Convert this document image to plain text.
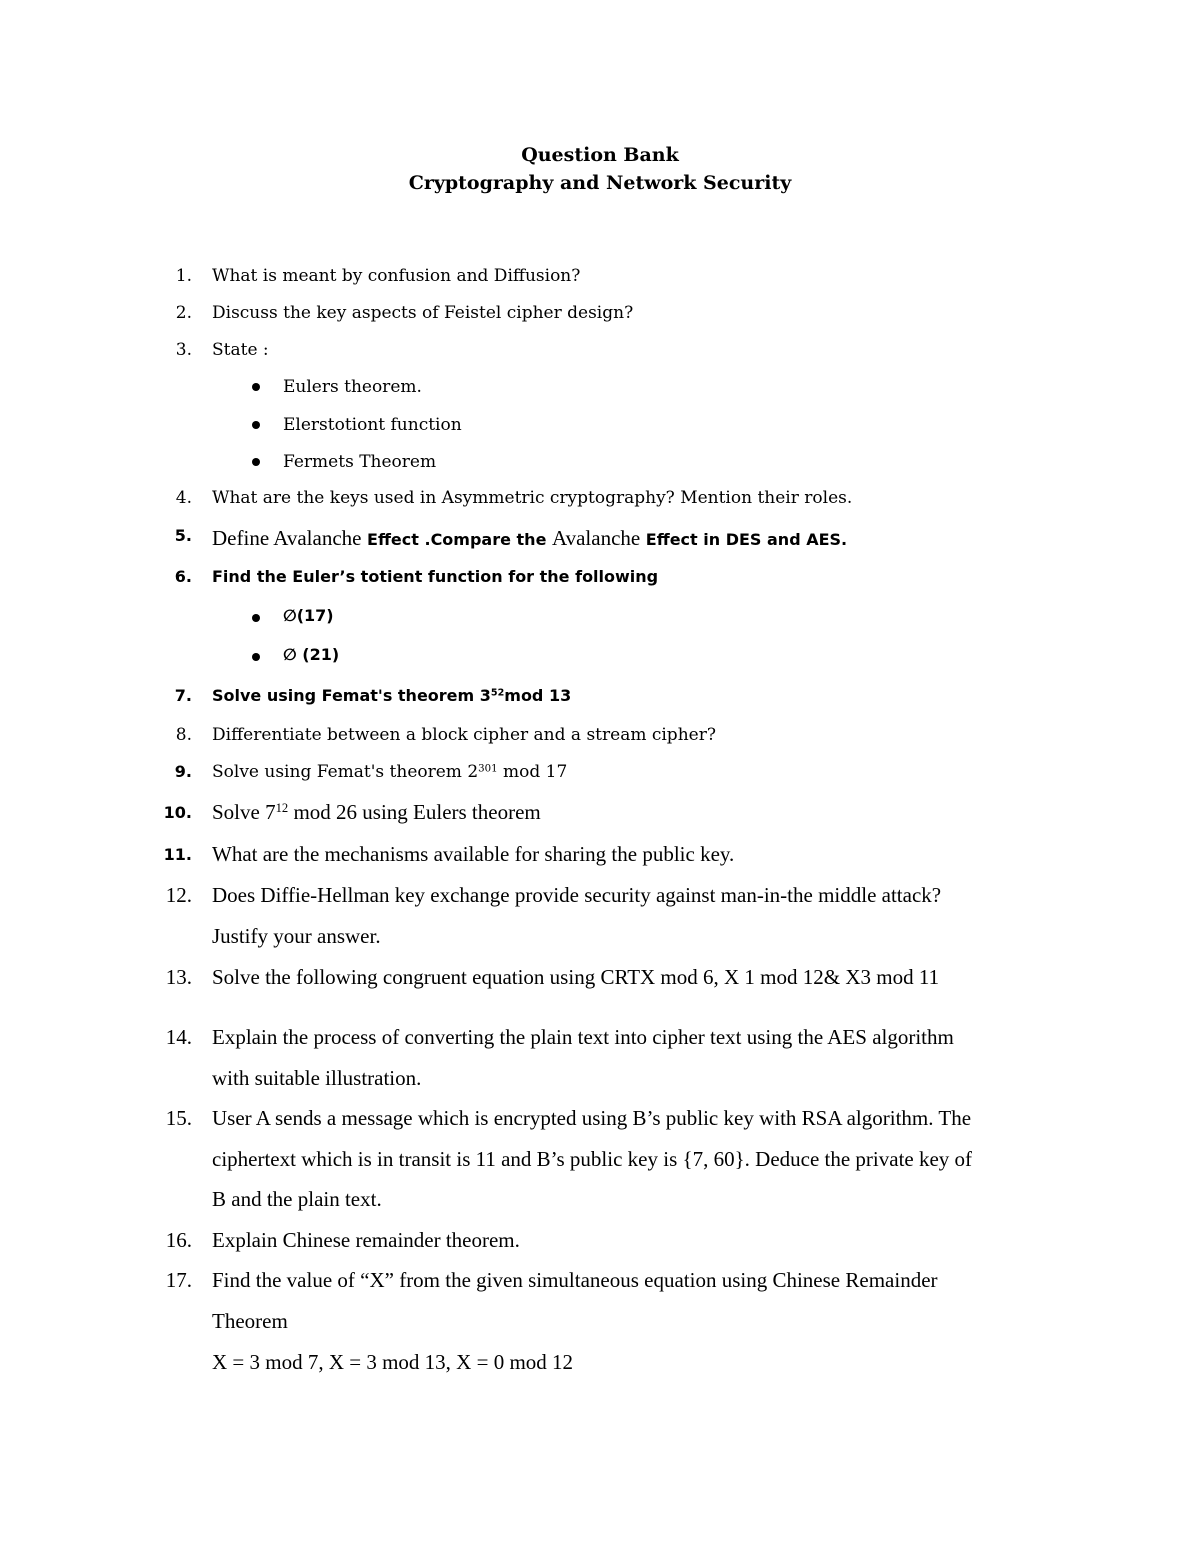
Question Bank
Cryptography and Network Security
1. What is meant by confusion and Diffusion?
2. Discuss the key aspects of Feistel cipher design?
3. State :
Eulers theorem.
Elerstotiont function
Fermets Theorem
4. What are the keys used in Asymmetric cryptography? Mention their roles.
5. Define Avalanche Effect .Compare the Avalanche Effect in DES and AES.
6. Find the Euler’s totient function for the following
∅(17)
∅ (21)
7. Solve using Femat's theorem $3^{52}mod$ 13
8. Differentiate between a block cipher and a stream cipher?
9. Solve using Femat's theorem $2^{301}$ mod 17
10. Solve $7^{12}$ mod 26 using Eulers theorem
11. What are the mechanisms available for sharing the public key.
12. Does Diffie-Hellman key exchange provide security against man-in-the middle attack?
Justify your answer.
13. Solve the following congruent equation using CRTX mod 6, X 1 mod 12& X3 mod 11
14. Explain the process of converting the plain text into cipher text using the AES algorithm
with suitable illustration.
15. User A sends a message which is encrypted using B’s public key with RSA algorithm. The
ciphertext which is in transit is 11 and B’s public key is {7, 60}. Deduce the private key of
B and the plain text.
16. Explain Chinese remainder theorem.
17. Find the value of “X” from the given simultaneous equation using Chinese Remainder
Theorem
X = 3 mod 7, X = 3 mod 13, X = 0 mod 12
